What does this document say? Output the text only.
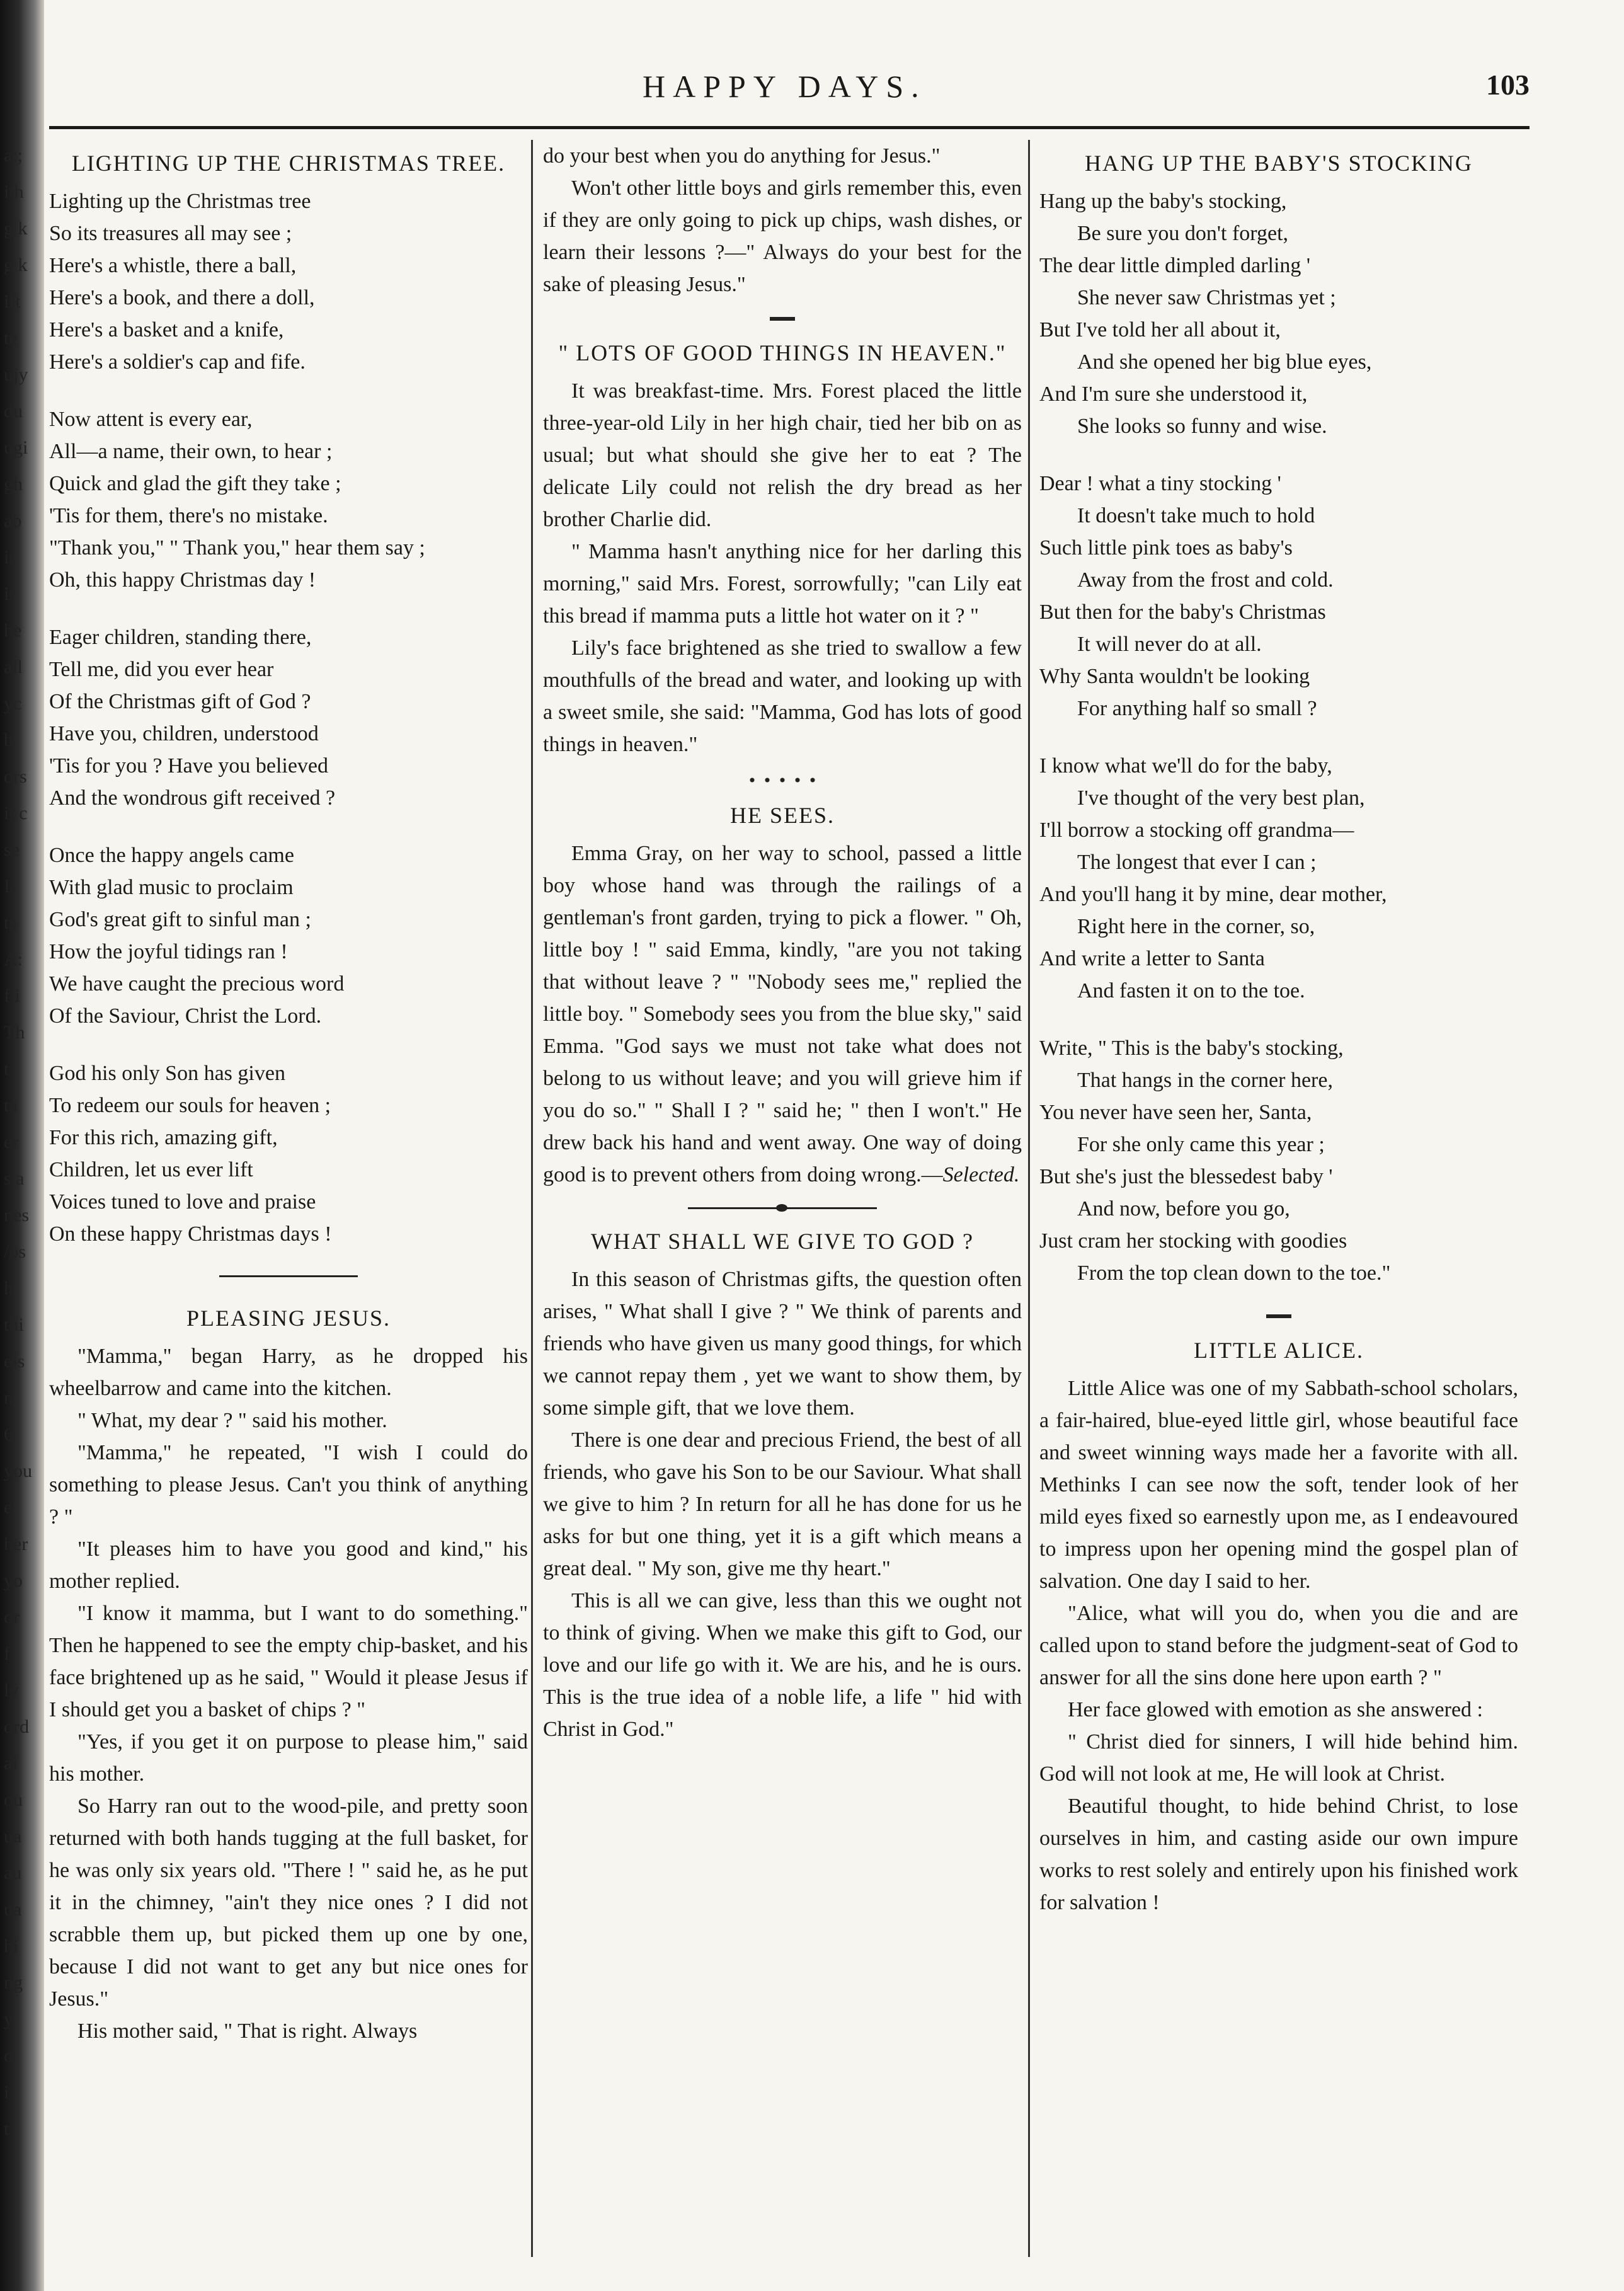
a:;
ith
g k
g k
ift
te
ujy
du
ugi
gh
ab
it
it
he
all
yc
b
ors
it c
se
It
ts
A:
f i
Th
t
ta
er
s a
nes
/os
h
thi
els
n
6
you
e
her
yo
or
f
ly
ord
ai
ou
ua
au
ua
hi
ng
y
o
i
t
HAPPY DAYS.	103
LIGHTING UP THE CHRISTMAS TREE.

Lighting up the Christmas tree

So its treasures all may see ;

Here's a whistle, there a ball,

Here's a book, and there a doll,

Here's a basket and a knife,

Here's a soldier's cap and fife.

Now attent is every ear,

All—a name, their own, to hear ;

Quick and glad the gift they take ;

'Tis for them, there's no mistake.

"Thank you," " Thank you," hear them say ;

Oh, this happy Christmas day !

Eager children, standing there,

Tell me, did you ever hear

Of the Christmas gift of God ?

Have you, children, understood

'Tis for you ? Have you believed

And the wondrous gift received ?

Once the happy angels came

With glad music to proclaim

God's great gift to sinful man ;

How the joyful tidings ran !

We have caught the precious word

Of the Saviour, Christ the Lord.

God his only Son has given

To redeem our souls for heaven ;

For this rich, amazing gift,

Children, let us ever lift

Voices tuned to love and praise

On these happy Christmas days !

PLEASING JESUS.

"Mamma," began Harry, as he dropped his wheelbarrow and came into the kitchen.

" What, my dear ? " said his mother.

"Mamma," he repeated, "I wish I could do something to please Jesus. Can't you think of anything ? "

"It pleases him to have you good and kind," his mother replied.

"I know it mamma, but I want to do something." Then he happened to see the empty chip-basket, and his face brightened up as he said, " Would it please Jesus if I should get you a basket of chips ? "

"Yes, if you get it on purpose to please him," said his mother.

So Harry ran out to the wood-pile, and pretty soon returned with both hands tugging at the full basket, for he was only six years old. "There ! " said he, as he put it in the chimney, "ain't they nice ones ? I did not scrabble them up, but picked them up one by one, because I did not want to get any but nice ones for Jesus."

His mother said, " That is right. Always

do your best when you do anything for Jesus."

Won't other little boys and girls remember this, even if they are only going to pick up chips, wash dishes, or learn their lessons ?—" Always do your best for the sake of pleasing Jesus."

" LOTS OF GOOD THINGS IN HEAVEN."

It was breakfast-time. Mrs. Forest placed the little three-year-old Lily in her high chair, tied her bib on as usual; but what should she give her to eat ? The delicate Lily could not relish the dry bread as her brother Charlie did.

" Mamma hasn't anything nice for her darling this morning," said Mrs. Forest, sorrowfully; "can Lily eat this bread if mamma puts a little hot water on it ? "

Lily's face brightened as she tried to swallow a few mouthfulls of the bread and water, and looking up with a sweet smile, she said: "Mamma, God has lots of good things in heaven."

HE SEES.

Emma Gray, on her way to school, passed a little boy whose hand was through the railings of a gentleman's front garden, trying to pick a flower. " Oh, little boy ! " said Emma, kindly, "are you not taking that without leave ? " "Nobody sees me," replied the little boy. " Somebody sees you from the blue sky," said Emma. "God says we must not take what does not belong to us without leave; and you will grieve him if you do so." " Shall I ? " said he; " then I won't." He drew back his hand and went away. One way of doing good is to prevent others from doing wrong.—Selected.

WHAT SHALL WE GIVE TO GOD ?

In this season of Christmas gifts, the question often arises, " What shall I give ? " We think of parents and friends who have given us many good things, for which we cannot repay them , yet we want to show them, by some simple gift, that we love them.

There is one dear and precious Friend, the best of all friends, who gave his Son to be our Saviour. What shall we give to him ? In return for all he has done for us he asks for but one thing, yet it is a gift which means a great deal. " My son, give me thy heart."

This is all we can give, less than this we ought not to think of giving. When we make this gift to God, our love and our life go with it. We are his, and he is ours. This is the true idea of a noble life, a life " hid with Christ in God."

HANG UP THE BABY'S STOCKING

Hang up the baby's stocking,

Be sure you don't forget,

The dear little dimpled darling '

She never saw Christmas yet ;

But I've told her all about it,

And she opened her big blue eyes,

And I'm sure she understood it,

She looks so funny and wise.

Dear ! what a tiny stocking '

It doesn't take much to hold

Such little pink toes as baby's

Away from the frost and cold.

But then for the baby's Christmas

It will never do at all.

Why Santa wouldn't be looking

For anything half so small ?

I know what we'll do for the baby,

I've thought of the very best plan,

I'll borrow a stocking off grandma—

The longest that ever I can ;

And you'll hang it by mine, dear mother,

Right here in the corner, so,

And write a letter to Santa

And fasten it on to the toe.

Write, " This is the baby's stocking,

That hangs in the corner here,

You never have seen her, Santa,

For she only came this year ;

But she's just the blessedest baby '

And now, before you go,

Just cram her stocking with goodies

From the top clean down to the toe."

LITTLE ALICE.

Little Alice was one of my Sabbath-school scholars, a fair-haired, blue-eyed little girl, whose beautiful face and sweet winning ways made her a favorite with all. Methinks I can see now the soft, tender look of her mild eyes fixed so earnestly upon me, as I endeavoured to impress upon her opening mind the gospel plan of salvation. One day I said to her.

"Alice, what will you do, when you die and are called upon to stand before the judgment-seat of God to answer for all the sins done here upon earth ? "

Her face glowed with emotion as she answered :

" Christ died for sinners, I will hide behind him. God will not look at me, He will look at Christ.

Beautiful thought, to hide behind Christ, to lose ourselves in him, and casting aside our own impure works to rest solely and entirely upon his finished work for salvation !
